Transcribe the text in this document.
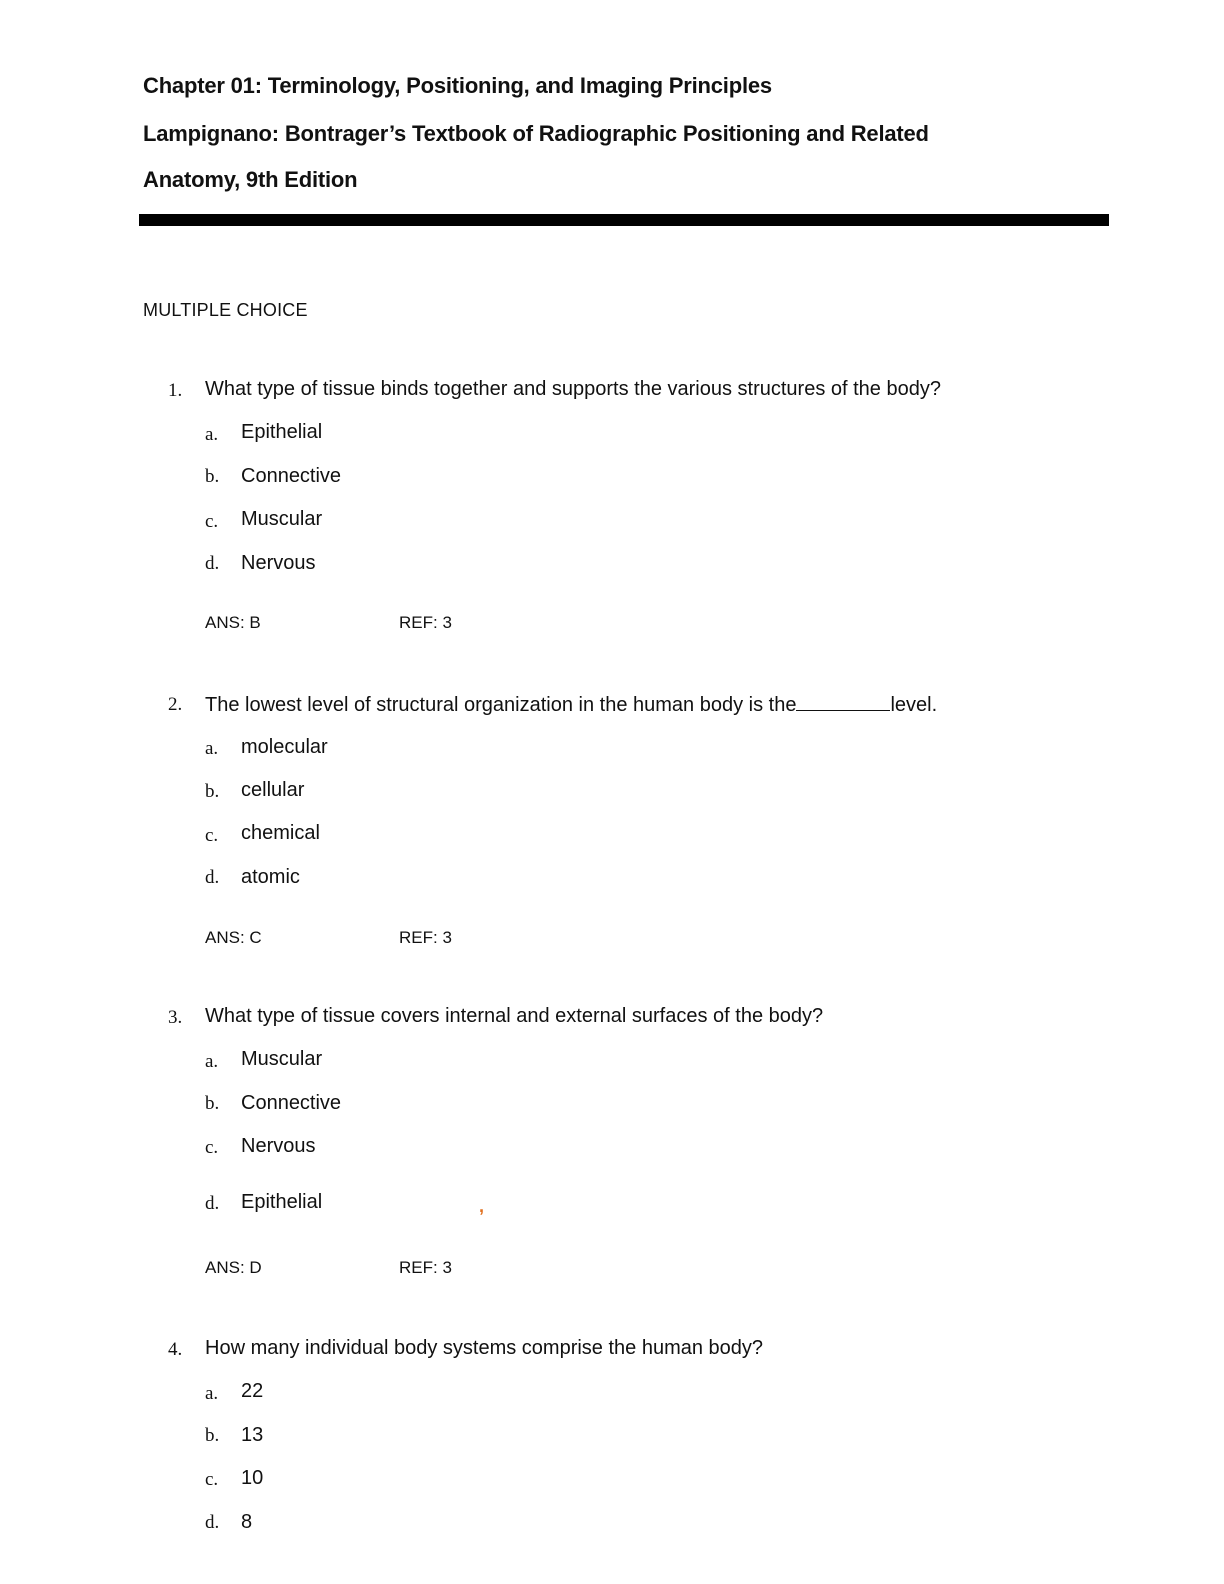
Chapter 01: Terminology, Positioning, and Imaging Principles
Lampignano: Bontrager’s Textbook of Radiographic Positioning and Related
Anatomy, 9th Edition
MULTIPLE CHOICE
1. What type of tissue binds together and supports the various structures of the body?
a. Epithelial
b. Connective
c. Muscular
d. Nervous
ANS: B	REF: 3
2. The lowest level of structural organization in the human body is the	level.
a. molecular
b. cellular
c. chemical
d. atomic
ANS: C	REF: 3
3. What type of tissue covers internal and external surfaces of the body?
a. Muscular
b. Connective
c. Nervous
d. Epithelial	,
ANS: D	REF: 3
4. How many individual body systems comprise the human body?
a. 22
b. 13
c. 10
d. 8
